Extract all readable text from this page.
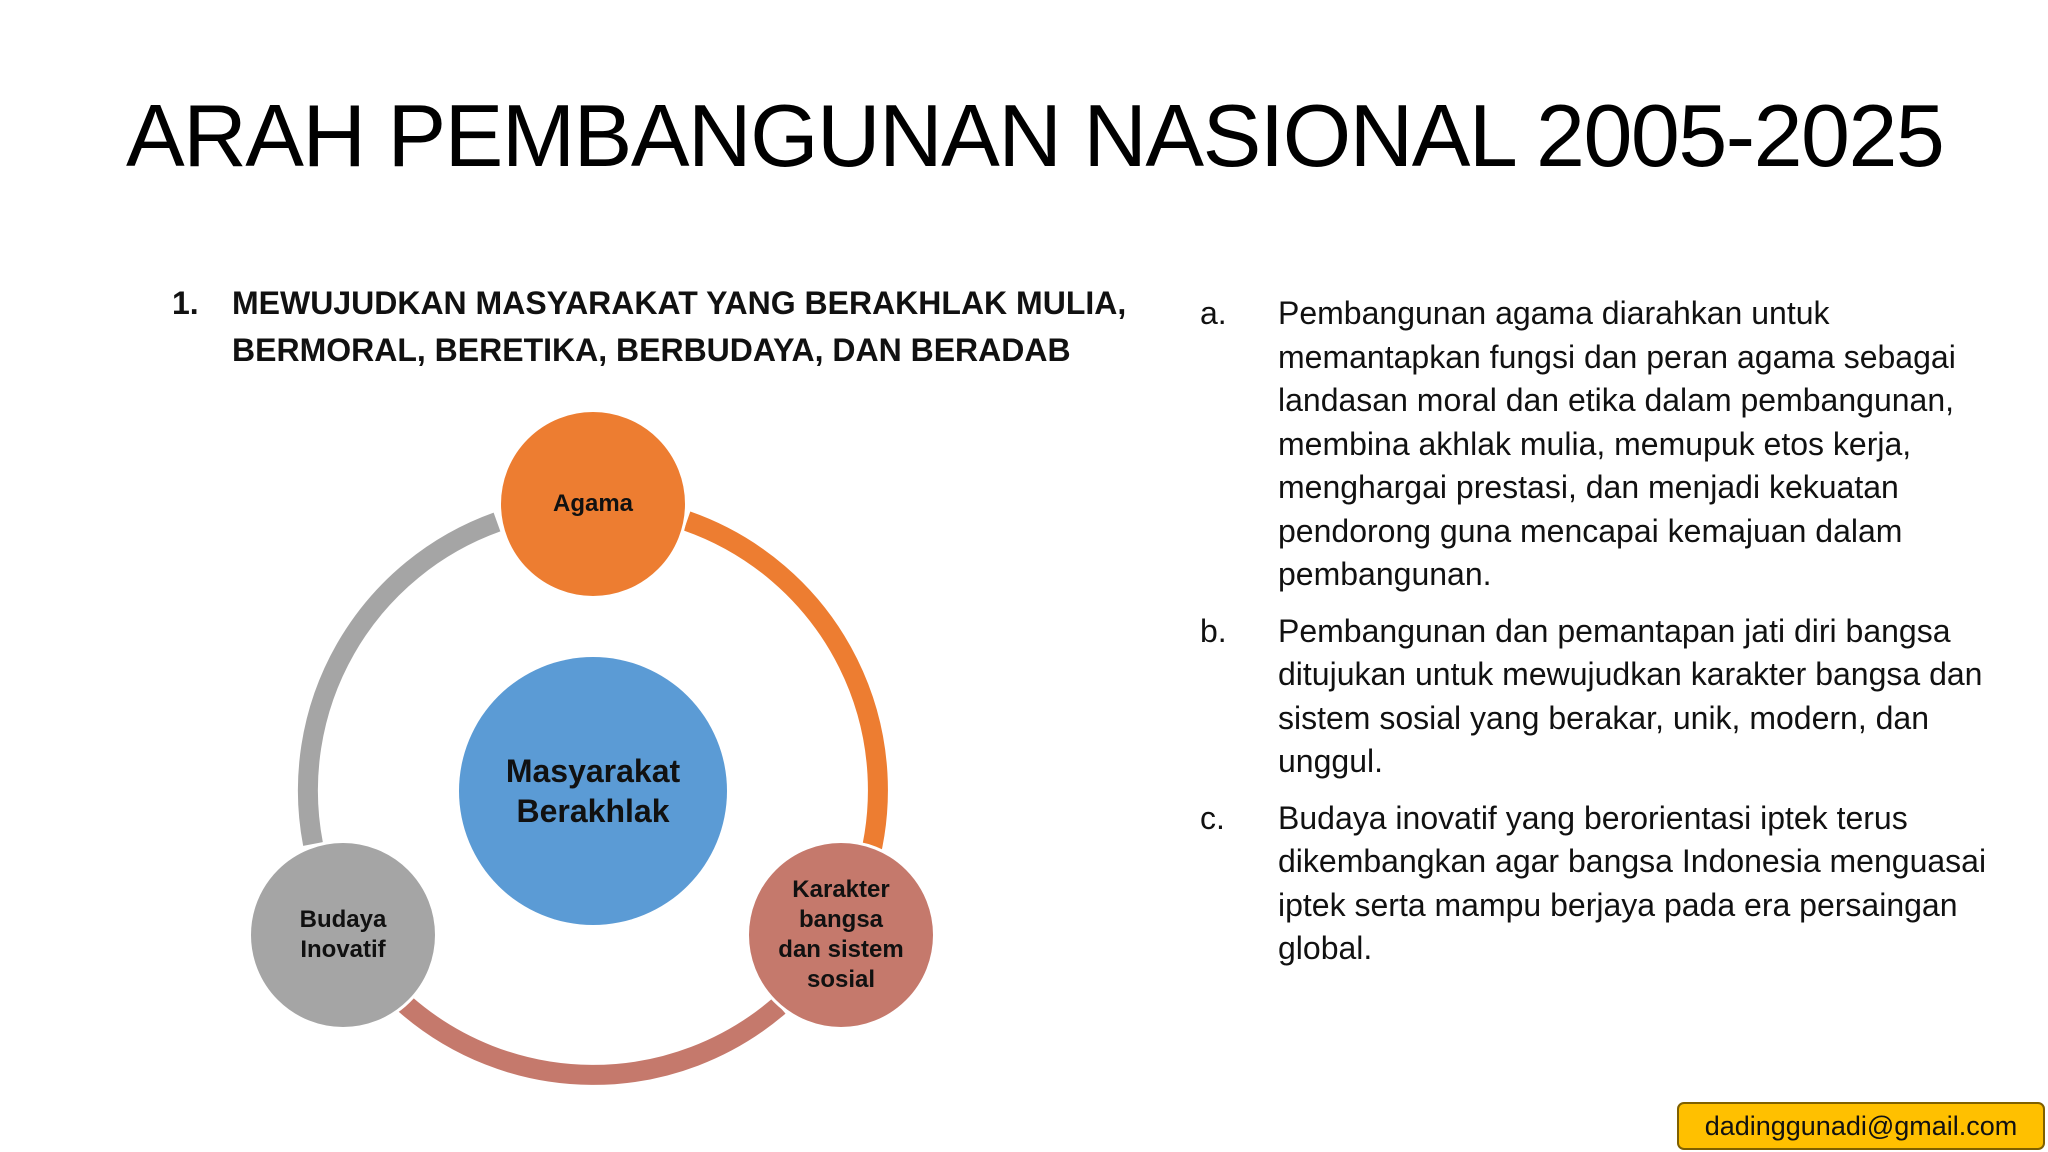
ARAH PEMBANGUNAN NASIONAL 2005-2025
1. MEWUJUDKAN MASYARAKAT YANG BERAKHLAK MULIA, BERMORAL, BERETIKA, BERBUDAYA, DAN BERADAB
Masyarakat Berakhlak
Agama
Karakter bangsa dan sistem sosial
Budaya Inovatif
a. Pembangunan agama diarahkan untuk memantapkan fungsi dan peran agama sebagai landasan moral dan etika dalam pembangunan, membina akhlak mulia, memupuk etos kerja, menghargai prestasi, dan menjadi kekuatan pendorong guna mencapai kemajuan dalam pembangunan.
b. Pembangunan dan pemantapan jati diri bangsa ditujukan untuk mewujudkan karakter bangsa dan sistem sosial yang berakar, unik, modern, dan unggul.
c. Budaya inovatif yang berorientasi iptek terus dikembangkan agar bangsa Indonesia menguasai iptek serta mampu berjaya pada era persaingan global.
dadinggunadi@gmail.com
